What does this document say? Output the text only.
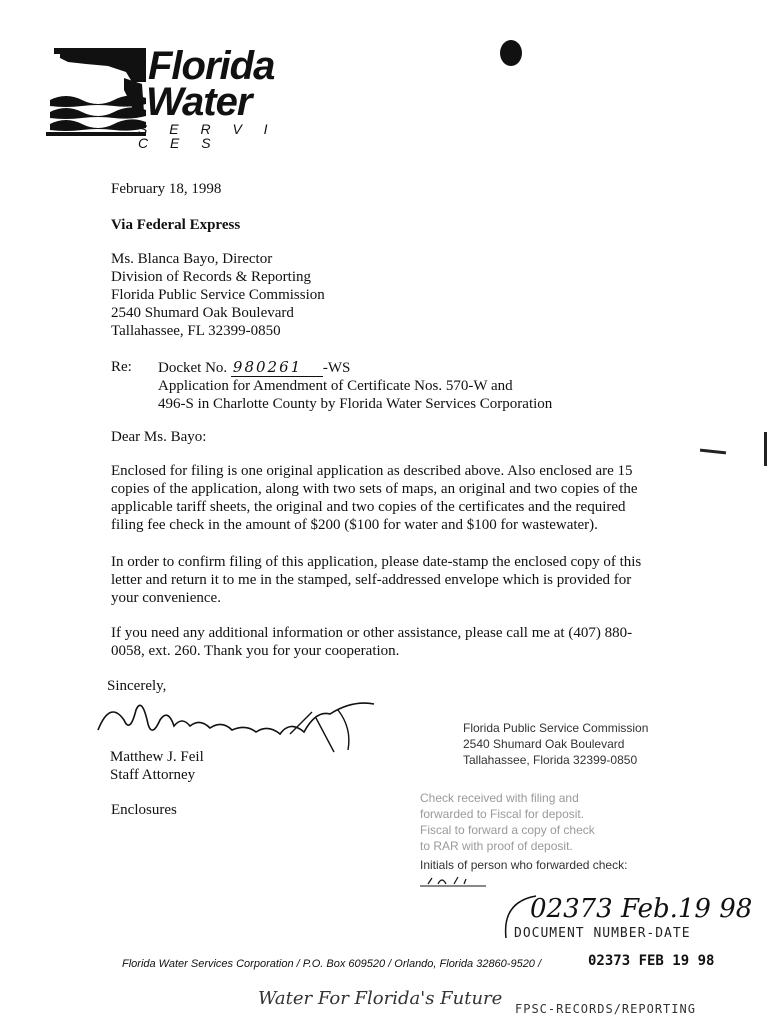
Florida
Water
S E R V I C E S
February 18, 1998
Via Federal Express
Ms. Blanca Bayo, Director
Division of Records & Reporting
Florida Public Service Commission
2540 Shumard Oak Boulevard
Tallahassee, FL 32399-0850
Re: Docket No. 980261 -WS
Application for Amendment of Certificate Nos. 570-W and
496-S in Charlotte County by Florida Water Services Corporation
Dear Ms. Bayo:
Enclosed for filing is one original application as described above. Also enclosed are 15
copies of the application, along with two sets of maps, an original and two copies of the
applicable tariff sheets, the original and two copies of the certificates and the required
filing fee check in the amount of $200 ($100 for water and $100 for wastewater).
In order to confirm filing of this application, please date-stamp the enclosed copy of this
letter and return it to me in the stamped, self-addressed envelope which is provided for
your convenience.
If you need any additional information or other assistance, please call me at (407) 880-
0058, ext. 260. Thank you for your cooperation.
Sincerely,
Matthew J. Feil
Staff Attorney
Enclosures
Florida Public Service Commission
2540 Shumard Oak Boulevard
Tallahassee, Florida 32399-0850
Check received with filing and
forwarded to Fiscal for deposit.
Fiscal to forward a copy of check
to RAR with proof of deposit.
Initials of person who forwarded check:
02373 Feb.19 98
DOCUMENT NUMBER-DATE
Florida Water Services Corporation / P.O. Box 609520 / Orlando, Florida 32860-9520 /	02373 FEB 19 98
Water For Florida's Future FPSC-RECORDS/REPORTING
